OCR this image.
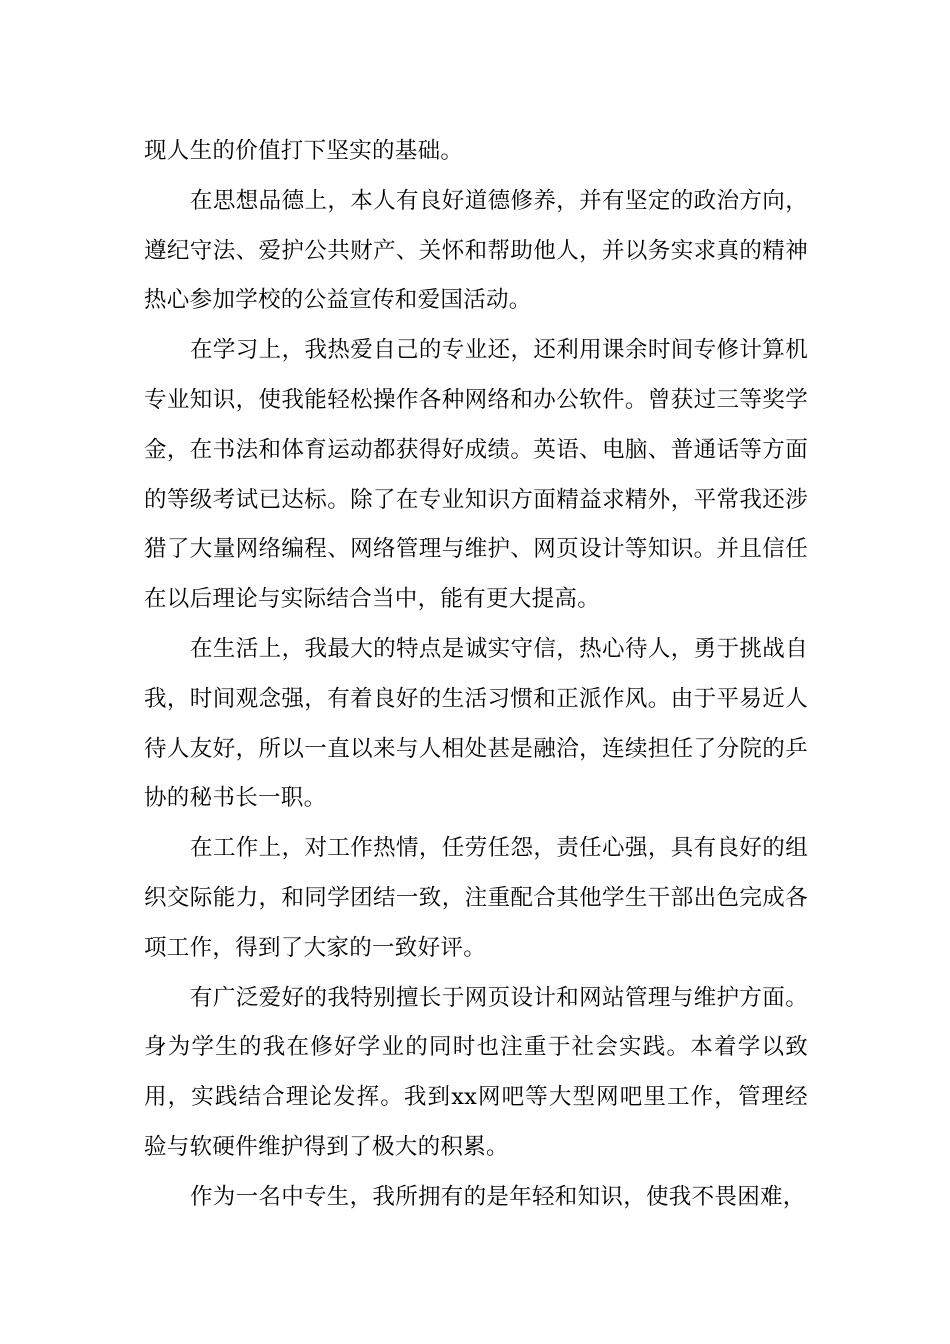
现人生的价值打下坚实的基础。

在思想品德上，本人有良好道德修养，并有坚定的政治方向，遵纪守法、爱护公共财产、关怀和帮助他人，并以务实求真的精神热心参加学校的公益宣传和爱国活动。

在学习上，我热爱自己的专业还，还利用课余时间专修计算机专业知识，使我能轻松操作各种网络和办公软件。曾获过三等奖学金，在书法和体育运动都获得好成绩。英语、电脑、普通话等方面的等级考试已达标。除了在专业知识方面精益求精外，平常我还涉猎了大量网络编程、网络管理与维护、网页设计等知识。并且信任在以后理论与实际结合当中，能有更大提高。

在生活上，我最大的特点是诚实守信，热心待人，勇于挑战自我，时间观念强，有着良好的生活习惯和正派作风。由于平易近人待人友好，所以一直以来与人相处甚是融洽，连续担任了分院的乒协的秘书长一职。

在工作上，对工作热情，任劳任怨，责任心强，具有良好的组织交际能力，和同学团结一致，注重配合其他学生干部出色完成各项工作，得到了大家的一致好评。

有广泛爱好的我特别擅长于网页设计和网站管理与维护方面。身为学生的我在修好学业的同时也注重于社会实践。本着学以致用，实践结合理论发挥。我到xx网吧等大型网吧里工作，管理经验与软硬件维护得到了极大的积累。

作为一名中专生，我所拥有的是年轻和知识，使我不畏困难，
